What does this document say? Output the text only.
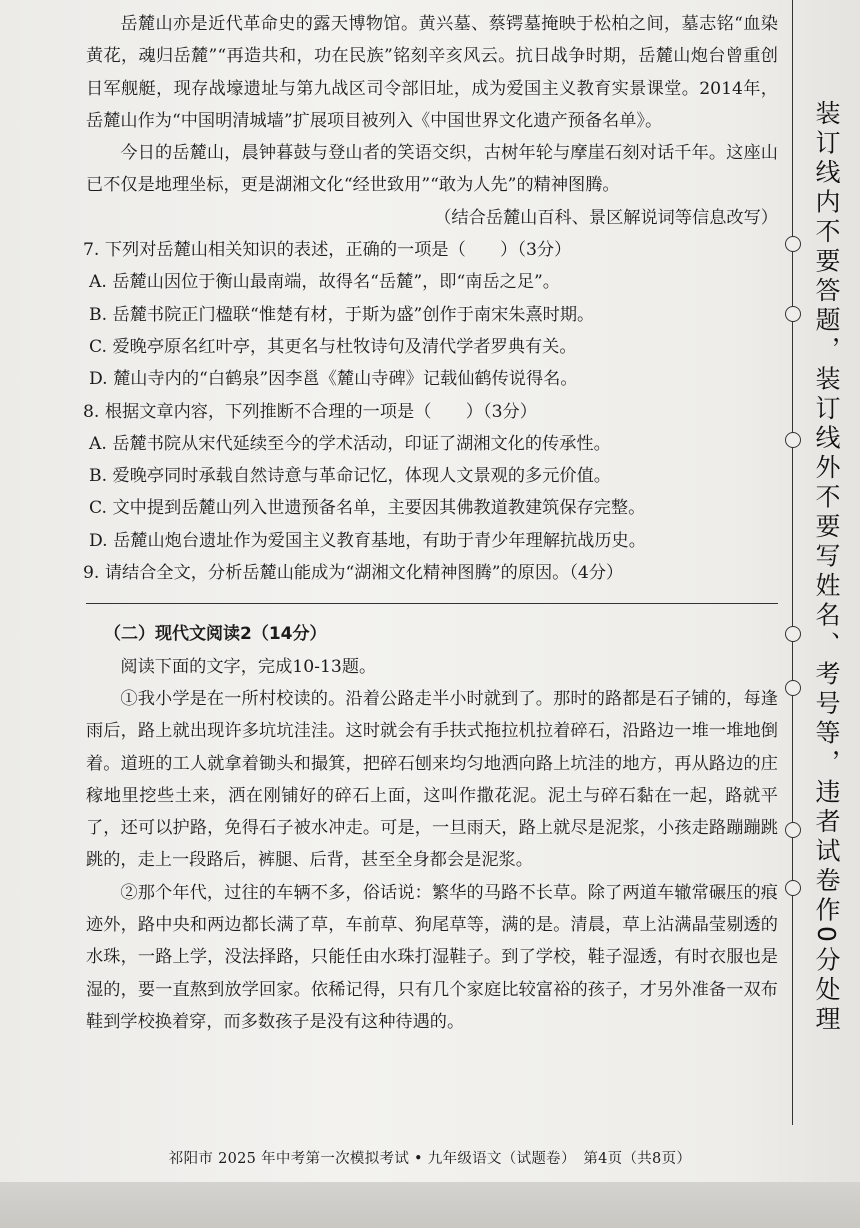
岳麓山亦是近代革命史的露天博物馆。黄兴墓、蔡锷墓掩映于松柏之间，墓志铭“血染黄花，魂归岳麓”“再造共和，功在民族”铭刻辛亥风云。抗日战争时期，岳麓山炮台曾重创日军舰艇，现存战壕遗址与第九战区司令部旧址，成为爱国主义教育实景课堂。2014年，岳麓山作为“中国明清城墙”扩展项目被列入《中国世界文化遗产预备名单》。

今日的岳麓山，晨钟暮鼓与登山者的笑语交织，古树年轮与摩崖石刻对话千年。这座山已不仅是地理坐标，更是湖湘文化“经世致用”“敢为人先”的精神图腾。

（结合岳麓山百科、景区解说词等信息改写）

7. 下列对岳麓山相关知识的表述，正确的一项是（　　）（3分）

A. 岳麓山因位于衡山最南端，故得名“岳麓”，即“南岳之足”。

B. 岳麓书院正门楹联“惟楚有材，于斯为盛”创作于南宋朱熹时期。

C. 爱晚亭原名红叶亭，其更名与杜牧诗句及清代学者罗典有关。

D. 麓山寺内的“白鹤泉”因李邕《麓山寺碑》记载仙鹤传说得名。

8. 根据文章内容，下列推断不合理的一项是（　　）（3分）

A. 岳麓书院从宋代延续至今的学术活动，印证了湖湘文化的传承性。

B. 爱晚亭同时承载自然诗意与革命记忆，体现人文景观的多元价值。

C. 文中提到岳麓山列入世遗预备名单，主要因其佛教道教建筑保存完整。

D. 岳麓山炮台遗址作为爱国主义教育基地，有助于青少年理解抗战历史。

9. 请结合全文，分析岳麓山能成为“湖湘文化精神图腾”的原因。（4分）

（二）现代文阅读2（14分）

阅读下面的文字，完成10-13题。

①我小学是在一所村校读的。沿着公路走半小时就到了。那时的路都是石子铺的，每逢雨后，路上就出现许多坑坑洼洼。这时就会有手扶式拖拉机拉着碎石，沿路边一堆一堆地倒着。道班的工人就拿着锄头和撮箕，把碎石刨来均匀地洒向路上坑洼的地方，再从路边的庄稼地里挖些土来，洒在刚铺好的碎石上面，这叫作撒花泥。泥土与碎石黏在一起，路就平了，还可以护路，免得石子被水冲走。可是，一旦雨天，路上就尽是泥浆，小孩走路蹦蹦跳跳的，走上一段路后，裤腿、后背，甚至全身都会是泥浆。

②那个年代，过往的车辆不多，俗话说：繁华的马路不长草。除了两道车辙常碾压的痕迹外，路中央和两边都长满了草，车前草、狗尾草等，满的是。清晨，草上沾满晶莹剔透的水珠，一路上学，没法择路，只能任由水珠打湿鞋子。到了学校，鞋子湿透，有时衣服也是湿的，要一直熬到放学回家。依稀记得，只有几个家庭比较富裕的孩子，才另外准备一双布鞋到学校换着穿，而多数孩子是没有这种待遇的。

祁阳市 2025 年中考第一次模拟考试 • 九年级语文（试题卷）　第4页（共8页）
装订线内不要答题，装订线外不要写姓名、考号等，违者试卷作0分处理
